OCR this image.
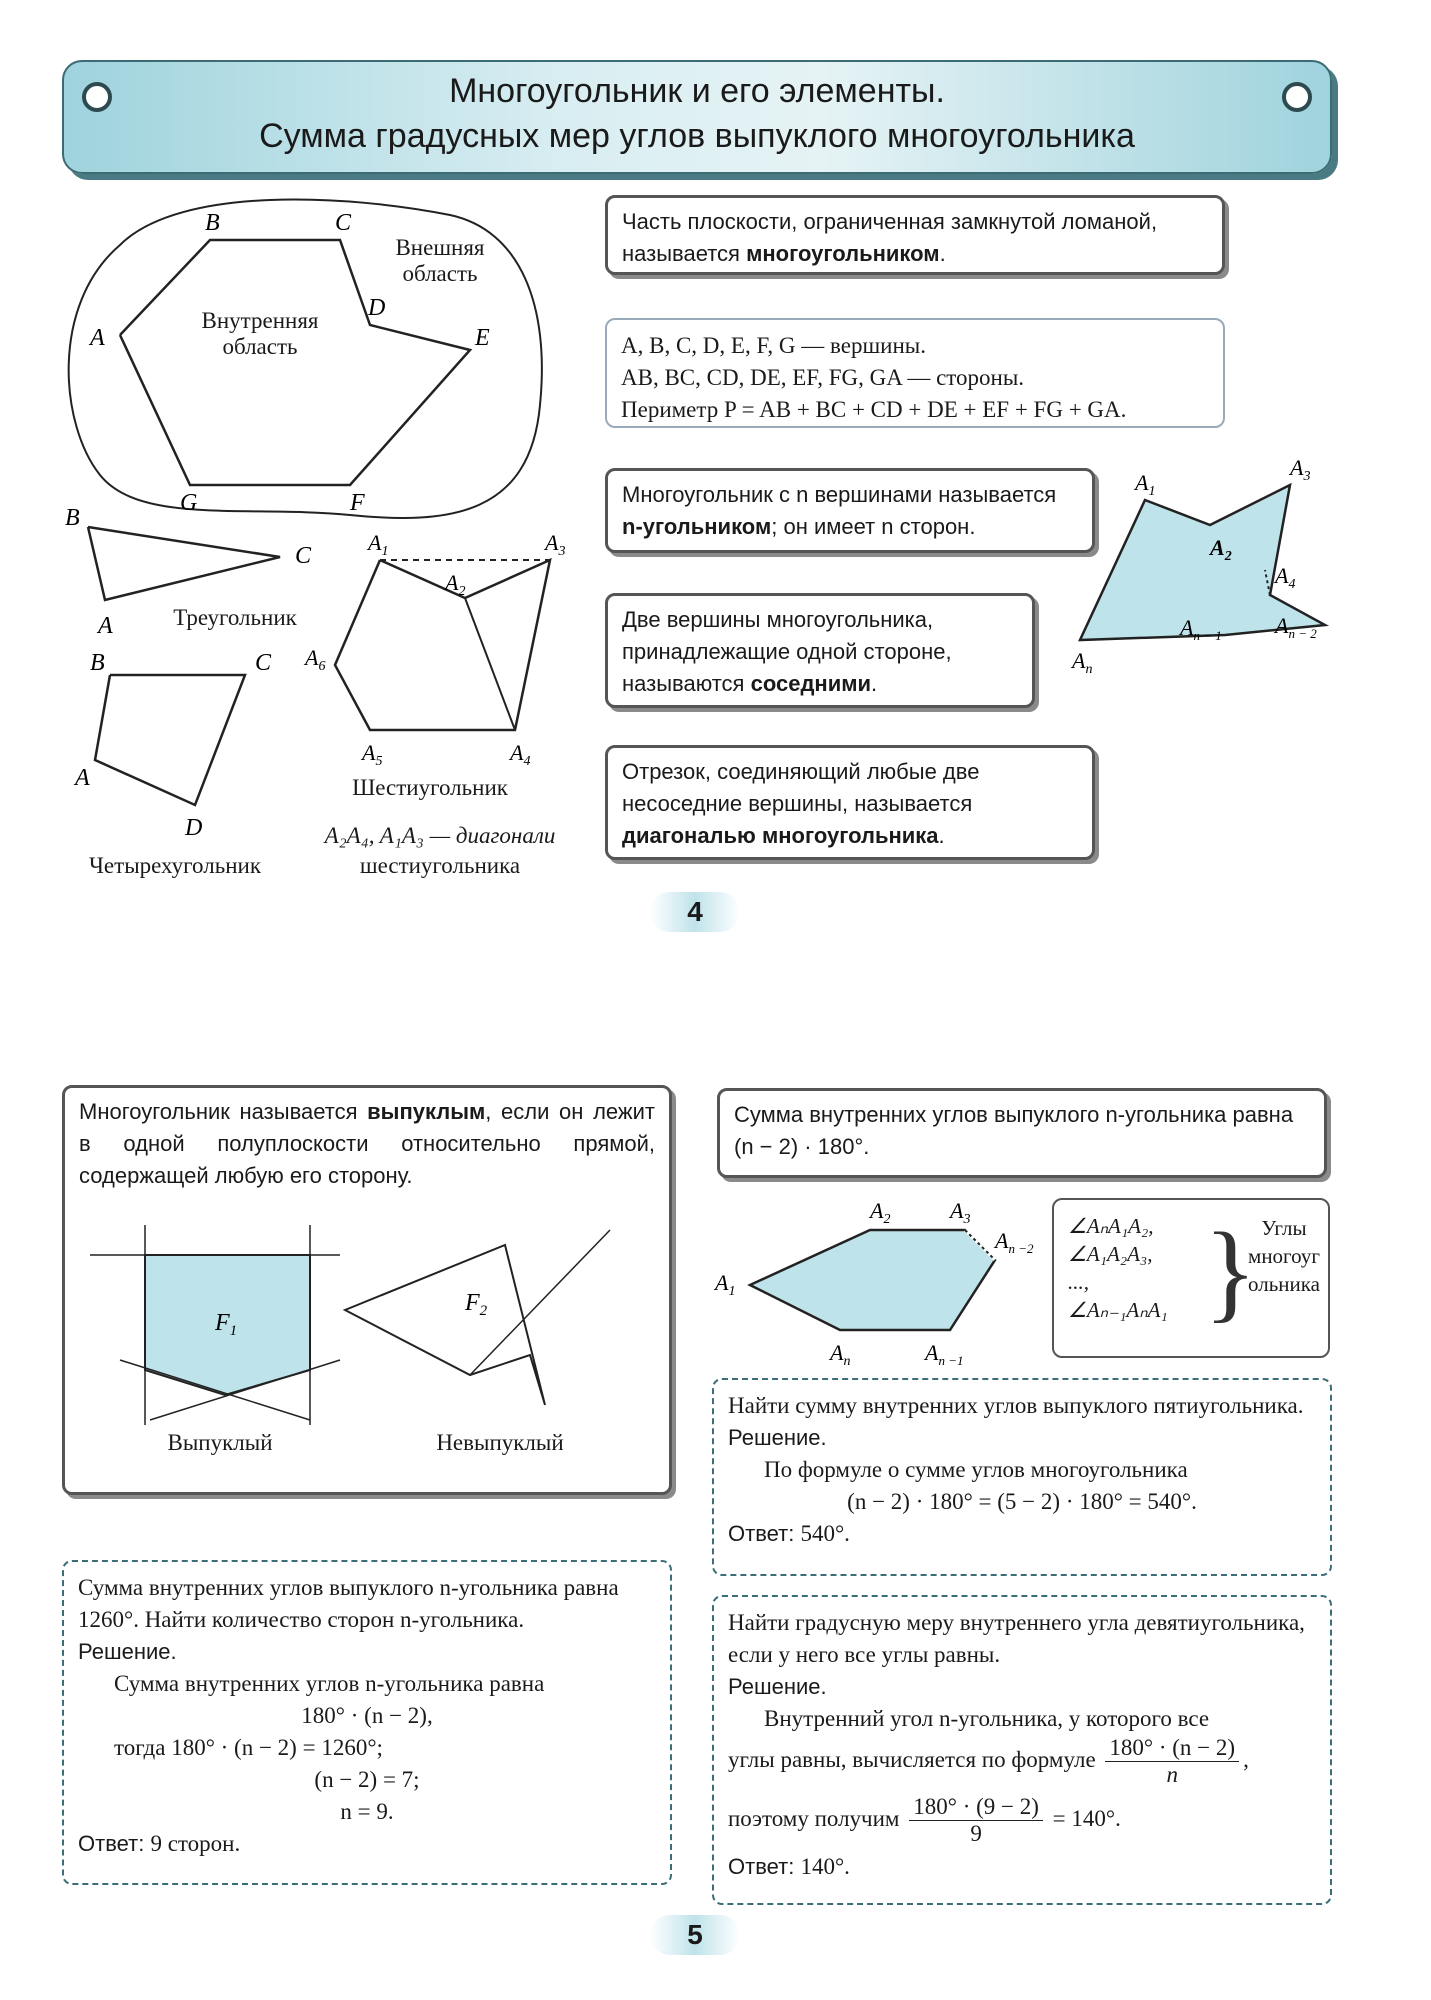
Многоугольник и его элементы.
Сумма градусных мер углов выпуклого многоугольника
B	C
A
D
E
G	F
B
C
A
B	C
A
D
$A_1$
$A_2$
$A_3$
$A_4$
$A_5$
$A_6$
Внешняя область
Внутренняя область
Треугольник
Четырехугольник
Шестиугольник
A₂A₄, A₁A₃ — диагонали
шестиугольника
Часть плоскости, ограниченная замкнутой ломаной, называется многоугольником.
A, B, C, D, E, F, G — вершины.
AB, BC, CD, DE, EF, FG, GA — стороны.
Периметр P = AB + BC + CD + DE + EF + FG + GA.
Многоугольник с n вершинами называется n-угольником; он имеет n сторон.
Две вершины многоугольника, принадлежащие одной стороне, называются соседними.
Отрезок, соединяющий любые две несоседние вершины, называется диагональю многоугольника.
$A_1$
$A_2$
$A_3$
$A_4$
$A_{n - 1}$ $A_{n - 2}$
$A_n$
4
Многоугольник называется выпуклым, если он лежит в одной полуплоскости относительно прямой, содержащей любую его сторону.
$F_1$
$F_2$
Выпуклый	Невыпуклый
Сумма внутренних углов выпуклого n-угольника равна (n − 2) · 180°.
$A_2$	$A_3$
$A_{n -2}$
$A_1$
$A_n$	$A_{n -1}$
∠AₙA₁A₂,
∠A₁A₂A₃,
...,
∠Aₙ₋₁AₙA₁ } Углы многоугольника
Найти сумму внутренних углов выпуклого пятиугольника.
Решение.
По формуле о сумме углов многоугольника
(n − 2) · 180° = (5 − 2) · 180° = 540°.
Ответ: 540°.
Сумма внутренних углов выпуклого n-угольника равна 1260°. Найти количество сторон n-угольника.
Решение.
Сумма внутренних углов n-угольника равна
180° · (n − 2),
тогда 180° · (n − 2) = 1260°;
(n − 2) = 7;
n = 9.
Ответ: 9 сторон.
Найти градусную меру внутреннего угла девятиугольника, если у него все углы равны.
Решение.
Внутренний угол n-угольника, у которого все
углы равны, вычисляется по формуле $\frac{180^\circ \cdot (n - 2)}{n}$ ,
поэтому получим $\frac{180^\circ \cdot (9 - 2)}{9} = 140^\circ$.
Ответ: 140°.
5
